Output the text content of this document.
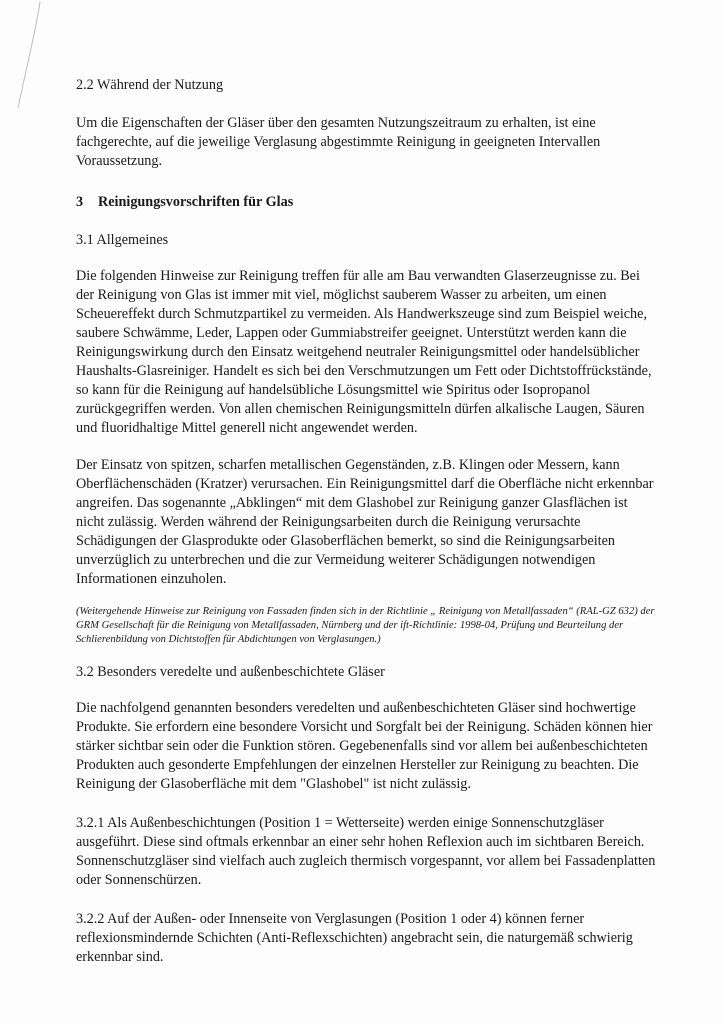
2.2 Während der Nutzung

Um die Eigenschaften der Gläser über den gesamten Nutzungszeitraum zu erhalten, ist eine fachgerechte, auf die jeweilige Verglasung abgestimmte Reinigung in geeigneten Intervallen Voraussetzung.

3 Reinigungsvorschriften für Glas
3.1 Allgemeines

Die folgenden Hinweise zur Reinigung treffen für alle am Bau verwandten Glaserzeugnisse zu. Bei der Reinigung von Glas ist immer mit viel, möglichst sauberem Wasser zu arbeiten, um einen Scheuereffekt durch Schmutzpartikel zu vermeiden. Als Handwerkszeuge sind zum Beispiel weiche, saubere Schwämme, Leder, Lappen oder Gummiabstreifer geeignet. Unterstützt werden kann die Reinigungswirkung durch den Einsatz weitgehend neutraler Reinigungsmittel oder handelsüblicher Haushalts-Glasreiniger. Handelt es sich bei den Verschmutzungen um Fett oder Dichtstoffrückstände, so kann für die Reinigung auf handelsübliche Lösungsmittel wie Spiritus oder Isopropanol zurückgegriffen werden. Von allen chemischen Reinigungsmitteln dürfen alkalische Laugen, Säuren und fluoridhaltige Mittel generell nicht angewendet werden.

Der Einsatz von spitzen, scharfen metallischen Gegenständen, z.B. Klingen oder Messern, kann Oberflächenschäden (Kratzer) verursachen. Ein Reinigungsmittel darf die Oberfläche nicht erkennbar angreifen. Das sogenannte „Abklingen“ mit dem Glashobel zur Reinigung ganzer Glasflächen ist nicht zulässig. Werden während der Reinigungsarbeiten durch die Reinigung verursachte Schädigungen der Glasprodukte oder Glasoberflächen bemerkt, so sind die Reinigungsarbeiten unverzüglich zu unterbrechen und die zur Vermeidung weiterer Schädigungen notwendigen Informationen einzuholen.

(Weitergehende Hinweise zur Reinigung von Fassaden finden sich in der Richtlinie „ Reinigung von Metallfassaden“ (RAL-GZ 632) der GRM Gesellschaft für die Reinigung von Metallfassaden, Nürnberg und der ift-Richtlinie: 1998-04, Prüfung und Beurteilung der Schlierenbildung von Dichtstoffen für Abdichtungen von Verglasungen.)

3.2 Besonders veredelte und außenbeschichtete Gläser

Die nachfolgend genannten besonders veredelten und außenbeschichteten Gläser sind hochwertige Produkte. Sie erfordern eine besondere Vorsicht und Sorgfalt bei der Reinigung. Schäden können hier stärker sichtbar sein oder die Funktion stören. Gegebenenfalls sind vor allem bei außenbeschichteten Produkten auch gesonderte Empfehlungen der einzelnen Hersteller zur Reinigung zu beachten. Die Reinigung der Glasoberfläche mit dem "Glashobel" ist nicht zulässig.

3.2.1 Als Außenbeschichtungen (Position 1 = Wetterseite) werden einige Sonnenschutzgläser ausgeführt. Diese sind oftmals erkennbar an einer sehr hohen Reflexion auch im sichtbaren Bereich. Sonnenschutzgläser sind vielfach auch zugleich thermisch vorgespannt, vor allem bei Fassadenplatten oder Sonnenschürzen.

3.2.2 Auf der Außen- oder Innenseite von Verglasungen (Position 1 oder 4) können ferner reflexionsmindernde Schichten (Anti-Reflexschichten) angebracht sein, die naturgemäß schwierig erkennbar sind.
